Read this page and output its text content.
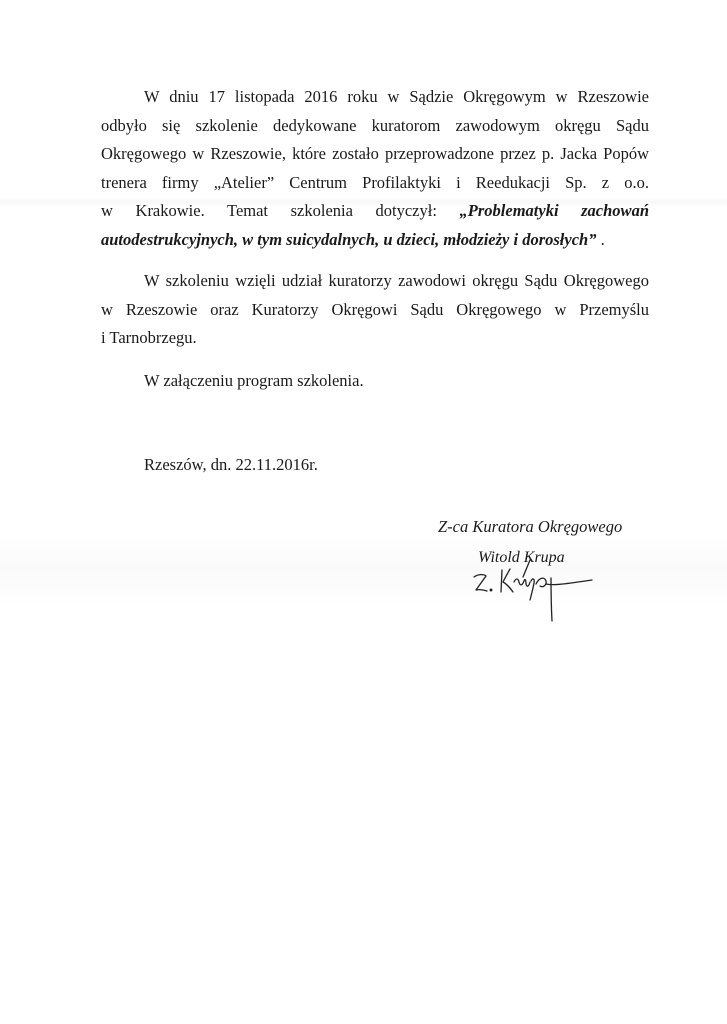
W dniu 17 listopada 2016 roku w Sądzie Okręgowym w Rzeszowie
odbyło się szkolenie dedykowane kuratorom zawodowym okręgu Sądu
Okręgowego w Rzeszowie, które zostało przeprowadzone przez p. Jacka Popów
trenera firmy „Atelier” Centrum Profilaktyki i Reedukacji Sp. z o.o.
w Krakowie. Temat szkolenia dotyczył: „Problematyki zachowań
autodestrukcyjnych, w tym suicydalnych, u dzieci, młodzieży i dorosłych” .
W szkoleniu wzięli udział kuratorzy zawodowi okręgu Sądu Okręgowego
w Rzeszowie oraz Kuratorzy Okręgowi Sądu Okręgowego w Przemyślu
i Tarnobrzegu.
W załączeniu program szkolenia.
Rzeszów, dn. 22.11.2016r.
Z-ca Kuratora Okręgowego
Witold Krupa
